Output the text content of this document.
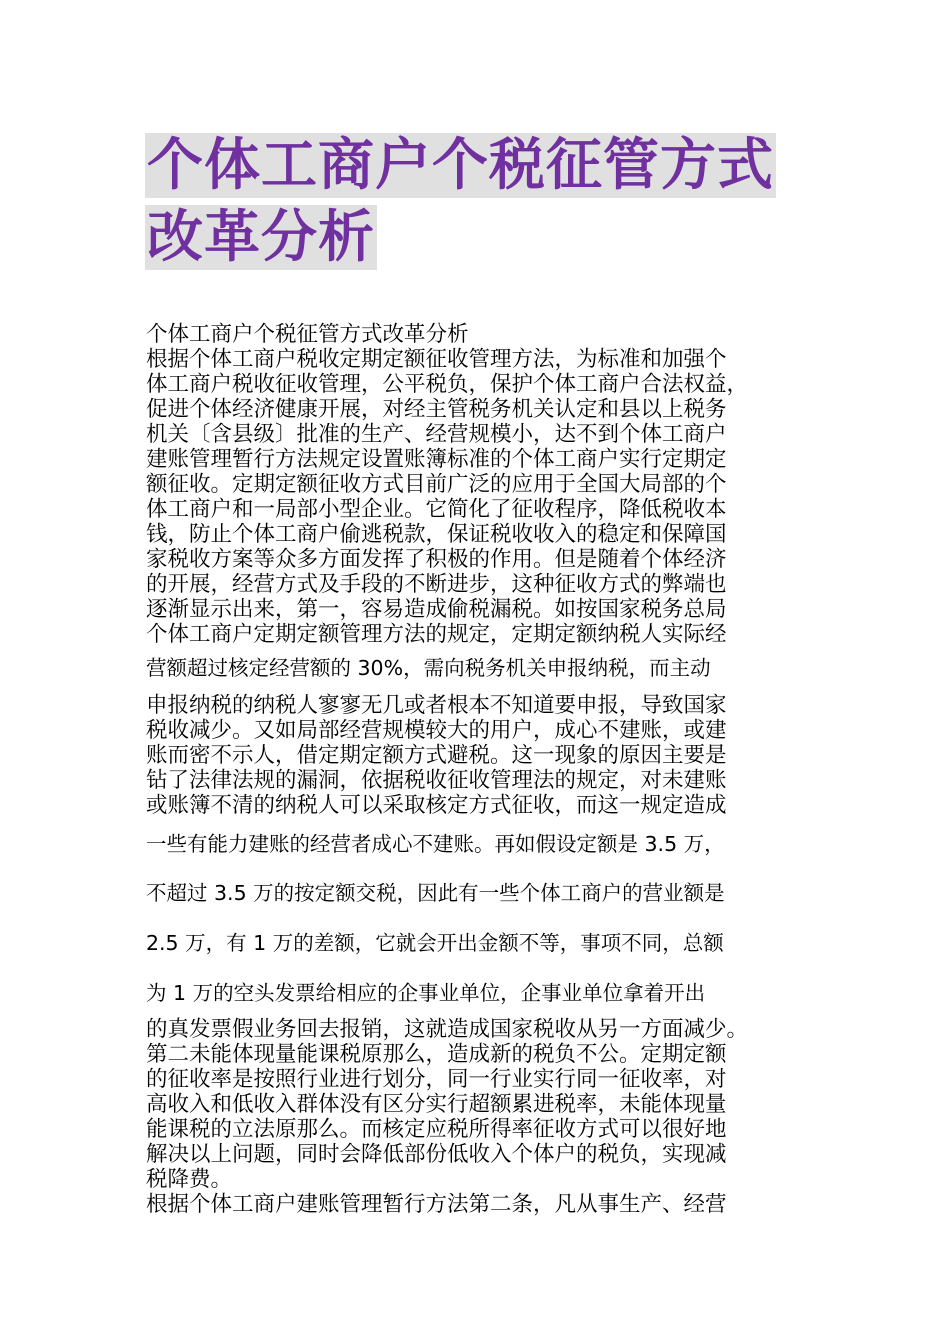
个体工商户个税征管方式
改革分析
个体工商户个税征管方式改革分析
根据个体工商户税收定期定额征收管理方法，为标准和加强个
体工商户税收征收管理，公平税负，保护个体工商户合法权益，
促进个体经济健康开展，对经主管税务机关认定和县以上税务
机关〔含县级〕批准的生产、经营规模小，达不到个体工商户
建账管理暂行方法规定设置账簿标准的个体工商户实行定期定
额征收。定期定额征收方式目前广泛的应用于全国大局部的个
体工商户和一局部小型企业。它简化了征收程序，降低税收本
钱，防止个体工商户偷逃税款，保证税收收入的稳定和保障国
家税收方案等众多方面发挥了积极的作用。但是随着个体经济
的开展，经营方式及手段的不断进步，这种征收方式的弊端也
逐渐显示出来，第一，容易造成偷税漏税。如按国家税务总局
个体工商户定期定额管理方法的规定，定期定额纳税人实际经
营额超过核定经营额的 30%，需向税务机关申报纳税，而主动
申报纳税的纳税人寥寥无几或者根本不知道要申报，导致国家
税收减少。又如局部经营规模较大的用户，成心不建账，或建
账而密不示人，借定期定额方式避税。这一现象的原因主要是
钻了法律法规的漏洞，依据税收征收管理法的规定，对未建账
或账簿不清的纳税人可以采取核定方式征收，而这一规定造成
一些有能力建账的经营者成心不建账。再如假设定额是 3.5 万，
不超过 3.5 万的按定额交税，因此有一些个体工商户的营业额是
2.5 万，有 1 万的差额，它就会开出金额不等，事项不同，总额
为 1 万的空头发票给相应的企事业单位，企事业单位拿着开出
的真发票假业务回去报销，这就造成国家税收从另一方面减少。
第二未能体现量能课税原那么，造成新的税负不公。定期定额
的征收率是按照行业进行划分，同一行业实行同一征收率，对
高收入和低收入群体没有区分实行超额累进税率，未能体现量
能课税的立法原那么。而核定应税所得率征收方式可以很好地
解决以上问题，同时会降低部份低收入个体户的税负，实现减
税降费。
根据个体工商户建账管理暂行方法第二条，凡从事生产、经营
